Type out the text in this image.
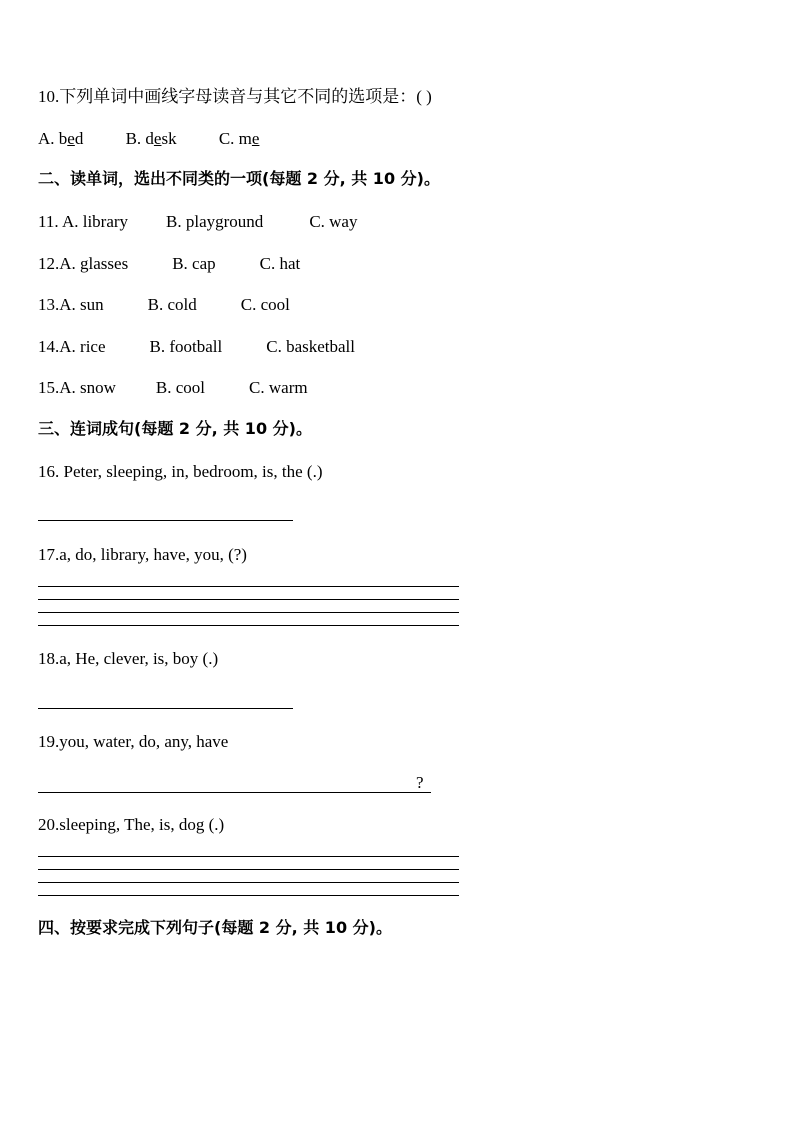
10.下列单词中画线字母读音与其它不同的选项是：( )
A. bed B. desk C. me
二、读单词，选出不同类的一项(每题 2 分, 共 10 分)。
11. A. library B. playground	C. way
12.A. glasses	B. cap	C. hat
13.A. sun	B. cold	C. cool
14.A. rice	B. football	C. basketball
15.A. snow B. cool	C. warm
三、连词成句(每题 2 分, 共 10 分)。
16. Peter, sleeping, in, bedroom, is, the (.)
17.a, do, library, have, you, (?)
18.a, He, clever, is, boy (.)
19.you, water, do, any, have
?
20.sleeping, The, is, dog (.)
四、按要求完成下列句子(每题 2 分, 共 10 分)。
